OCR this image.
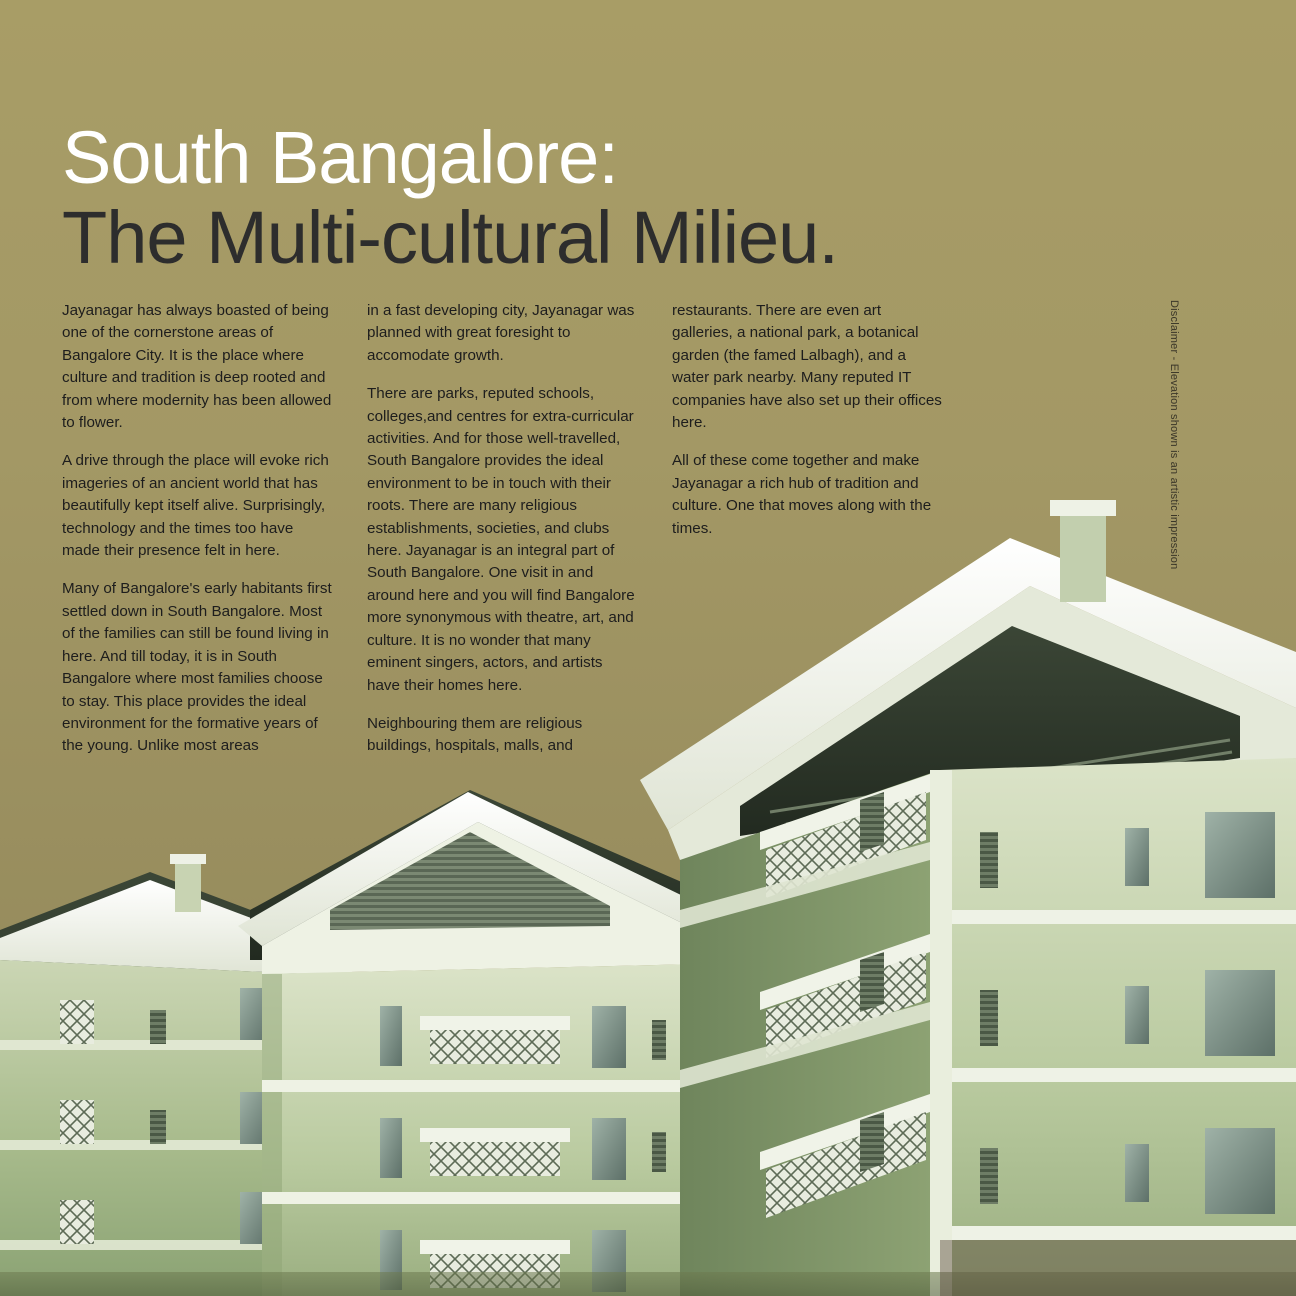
South Bangalore:
The Multi-cultural Milieu.

Jayanagar has always boasted of being one of the cornerstone areas of Bangalore City. It is the place where culture and tradition is deep rooted and from where modernity has been allowed to flower.

A drive through the place will evoke rich imageries of an ancient world that has beautifully kept itself alive. Surprisingly, technology and the times too have made their presence felt in here.

Many of Bangalore's early habitants first settled down in South Bangalore. Most of the families can still be found living in here. And till today, it is in South Bangalore where most families choose to stay. This place provides the ideal environment for the formative years of the young. Unlike most areas

in a fast developing city, Jayanagar was planned with great foresight to accomodate growth.

There are parks, reputed schools, colleges,and centres for extra-curricular activities. And for those well-travelled, South Bangalore provides the ideal environment to be in touch with their roots. There are many religious establishments, societies, and clubs here. Jayanagar is an integral part of South Bangalore. One visit in and around here and you will find Bangalore more synonymous with theatre, art, and culture. It is no wonder that many eminent singers, actors, and artists have their homes here.

Neighbouring them are religious buildings, hospitals, malls, and

restaurants. There are even art galleries, a national park, a botanical garden (the famed Lalbagh), and a water park nearby. Many reputed IT companies have also set up their offices here.

All of these come together and make Jayanagar a rich hub of tradition and culture. One that moves along with the times.	Disclaimer - Elevation shown is an artistic impression
